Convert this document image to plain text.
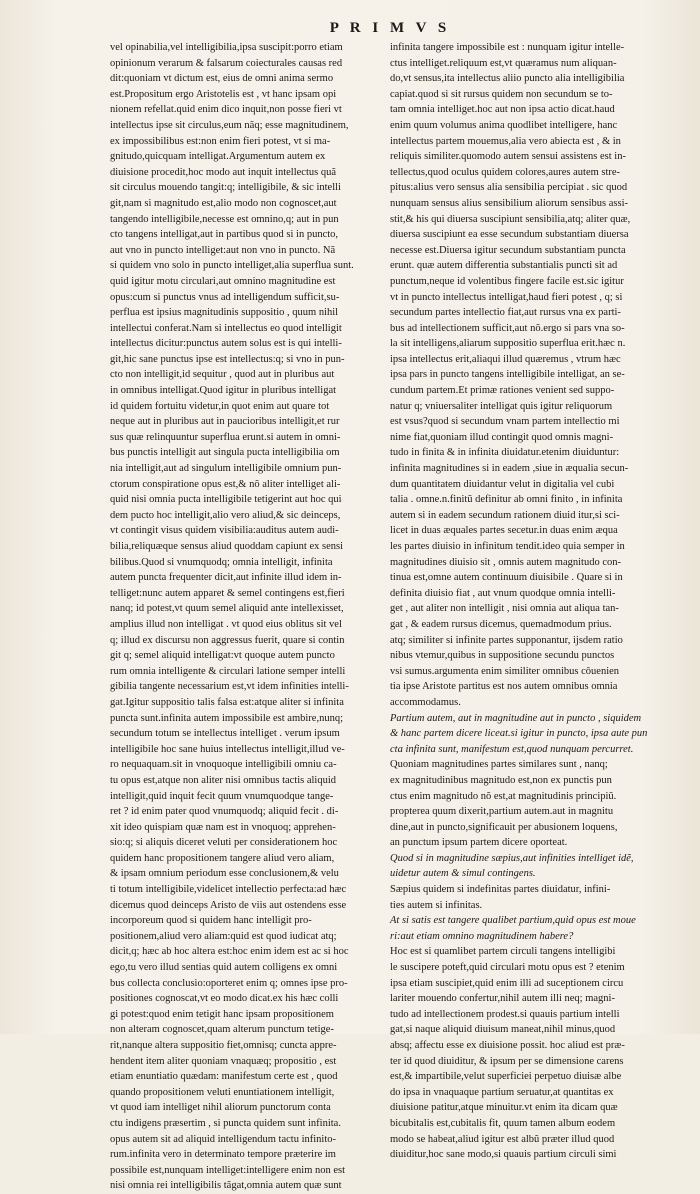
P R I M V S
vel opinabilia,vel intelligibilia,ipsa suscipit:porro etiam
opinionum verarum & falsarum coiecturales causas red
dit:quoniam vt dictum est, eius de omni anima sermo
est.Propositum ergo Aristotelis est , vt hanc ipsam opi
nionem refellat.quid enim dico inquit,non posse fieri vt
intellectus ipse sit circulus,eum nãq; esse magnitudinem,
ex impossibilibus est:non enim fieri potest, vt si ma-
gnitudo,quicquam intelligat.Argumentum autem ex
diuisione procedit,hoc modo aut inquit intellectus quã
sit circulus mouendo tangit:q; intelligibile, & sic intelli
git,nam si magnitudo est,alio modo non cognoscet,aut
tangendo intelligibile,necesse est omnino,q; aut in pun
cto tangens intelligat,aut in partibus quod si in puncto,
aut vno in puncto intelliget:aut non vno in puncto. Nã
si quidem vno solo in puncto intelliget,alia superflua sunt.
quid igitur motu circulari,aut omnino magnitudine est
opus:cum si punctus vnus ad intelligendum sufficit,su-
perflua est ipsius magnitudinis suppositio , quum nihil
intellectui conferat.Nam si intellectus eo quod intelligit
intellectus dicitur:punctus autem solus est is qui intelli-
git,hic sane punctus ipse est intellectus:q; si vno in pun-
cto non intelligit,id sequitur , quod aut in pluribus aut
in omnibus intelligat.Quod igitur in pluribus intelligat
id quidem fortuitu videtur,in quot enim aut quare tot
neque aut in pluribus aut in paucioribus intelligit,et rur
sus quæ relinquuntur superflua erunt.si autem in omni-
bus punctis intelligit aut singula pucta intelligibilia om
nia intelligit,aut ad singulum intelligibile omnium pun-
ctorum conspiratione opus est,& nõ aliter intelliget ali-
quid nisi omnia pucta intelligibile tetigerint aut hoc qui
dem pucto hoc intelligit,alio vero aliud,& sic deinceps,
vt contingit visus quidem visibilia:auditus autem audi-
bilia,reliquæque sensus aliud quoddam capiunt ex sensi
bilibus.Quod si vnumquodq; omnia intelligit, infinita
autem puncta frequenter dicit,aut infinite illud idem in-
telliget:nunc autem apparet & semel contingens est,fieri
nanq; id potest,vt quum semel aliquid ante intellexisset,
amplius illud non intelligat . vt quod eius oblitus sit vel
q; illud ex discursu non aggressus fuerit, quare si contin
git q; semel aliquid intelligat:vt quoque autem puncto
rum omnia intelligente & circulari latione semper intelli
gibilia tangente necessarium est,vt idem infinities intelli-
gat.Igitur suppositio talis falsa est:atque aliter si infinita
puncta sunt.infinita autem impossibile est ambire,nunq;
secundum totum se intellectus intelliget . verum ipsum
intelligibile hoc sane huius intellectus intelligit,illud ve-
ro nequaquam.sit in vnoquoque intelligibili omniu ca-
tu opus est,atque non aliter nisi omnibus tactis aliquid
intelligit,quid inquit fecit quum vnumquodque tange-
ret ? id enim pater quod vnumquodq; aliquid fecit . di-
xit ideo quispiam quæ nam est in vnoquoq; apprehen-
sio:q; si aliquis diceret veluti per considerationem hoc
quidem hanc propositionem tangere aliud vero aliam,
& ipsam omnium periodum esse conclusionem,& velu
ti totum intelligibile,videlicet intellectio perfecta:ad hæc
dicemus quod deinceps Aristo de viis aut ostendens esse
incorporeum quod si quidem hanc intelligit pro-
positionem,aliud vero aliam:quid est quod iudicat atq;
dicit,q; hæc ab hoc altera est:hoc enim idem est ac si hoc
ego,tu vero illud sentias quid autem colligens ex omni
bus collecta conclusio:oporteret enim q; omnes ipse pro-
positiones cognoscat,vt eo modo dicat.ex his hæc colli
gi potest:quod enim tetigit hanc ipsam propositionem
non alteram cognoscet,quam alterum punctum tetige-
rit,nanque altera suppositio fiet,omnisq; cuncta appre-
hendent item aliter quoniam vnaquæq; propositio , est
etiam enuntiatio quædam: manifestum certe est , quod
quando propositionem veluti enuntiationem intelligit,
vt quod iam intelliget nihil aliorum punctorum conta
ctu indigens præsertim , si puncta quidem sunt infinita.
opus autem sit ad aliquid intelligendum tactu infinito-
rum.infinita vero in determinato tempore præterire im
possibile est,nunquam intelliget:intelligere enim non est
nisi omnia rei intelligibilis tãgat,omnia autem quæ sunt
infinita tangere impossibile est : nunquam igitur intelle-
ctus intelliget.reliquum est,vt quæramus num aliquan-
do,vt sensus,ita intellectus aliio puncto alia intelligibilia
capiat.quod si sit rursus quidem non secundum se to-
tam omnia intelliget.hoc aut non ipsa actio dicat.haud
enim quum volumus anima quodlibet intelligere, hanc
intellectus partem mouemus,alia vero abiecta est , & in
reliquis similiter.quomodo autem sensui assistens est in-
tellectus,quod oculus quidem colores,aures autem stre-
pitus:alius vero sensus alia sensibilia percipiat . sic quod
nunquam sensus alius sensibilium aliorum sensibus assi-
stit,& his qui diuersa suscipiunt sensibilia,atq; aliter quæ,
diuersa suscipiunt ea esse secundum substantiam diuersa
necesse est.Diuersa igitur secundum substantiam puncta
erunt. quæ autem differentia substantialis puncti sit ad
punctum,neque id volentibus fingere facile est.sic igitur
vt in puncto intellectus intelligat,haud fieri potest , q; si
secundum partes intellectio fiat,aut rursus vna ex parti-
bus ad intellectionem sufficit,aut nõ.ergo si pars vna so-
la sit intelligens,aliarum suppositio superflua erit.hæc n.
ipsa intellectus erit,aliaqui illud quæremus , vtrum hæc
ipsa pars in puncto tangens intelligibile intelligat, an se-
cundum partem.Et primæ rationes venient sed suppo-
natur q; vniuersaliter intelligat quis igitur reliquorum
est vsus?quod si secundum vnam partem intellectio mi
nime fiat,quoniam illud contingit quod omnis magni-
tudo in finita & in infinita diuidatur.etenim diuiduntur:
infinita magnitudines si in eadem ,siue in æqualia secun-
dum quantitatem diuidantur velut in digitalia vel cubi
talia . omne.n.finitũ definitur ab omni finito , in infinita
autem si in eadem secundum rationem diuid itur,si sci-
licet in duas æquales partes secetur.in duas enim æqua
les partes diuisio in infinitum tendit.ideo quia semper in
magnitudines diuisio sit , omnis autem magnitudo con-
tinua est,omne autem continuum diuisibile . Quare si in
definita diuisio fiat , aut vnum quodque omnia intelli-
get , aut aliter non intelligit , nisi omnia aut aliqua tan-
gat , & eadem rursus dicemus, quemadmodum prius.
atq; similiter si infinite partes supponantur, ijsdem ratio
nibus vtemur,quibus in suppositione secundu punctos
vsi sumus.argumenta enim similiter omnibus côuenien
tia ipse Aristote partitus est nos autem omnibus omnia
accommodamus.
Partium autem, aut in magnitudine aut in puncto , siquidem
& hanc partem dicere liceat.si igitur in puncto, ipsa aute pun
cta infinita sunt, manifestum est,quod nunquam percurret.
Quoniam magnitudines partes similares sunt , nanq;
ex magnitudinibus magnitudo est,non ex punctis pun
ctus enim magnitudo nõ est,at magnitudinis principiũ.
propterea quum dixerit,partium autem.aut in magnitu
dine,aut in puncto,significauit per abusionem loquens,
an punctum ipsum partem dicere oporteat.
Quod si in magnitudine sæpius,aut infinities intelliget idẽ,
uidetur autem & simul contingens.
Sæpius quidem si indefinitas partes diuidatur, infini-
ties autem si infinitas.
At si satis est tangere qualibet partium,quid opus est moue
ri:aut etiam omnino magnitudinem habere?
Hoc est si quamlibet partem circuli tangens intelligibi
le suscipere poteft,quid circulari motu opus est ? etenim
ipsa etiam suscipiet,quid enim illi ad suceptionem circu
lariter mouendo confertur,nihil autem illi neq; magni-
tudo ad intellectionem prodest.si quauis partium intelli
gat,si naque aliquid diuisum maneat,nihil minus,quod
absq; affectu esse ex diuisione possit. hoc aliud est præ-
ter id quod diuiditur, & ipsum per se dimensione carens
est,& impartibile,velut superficiei perpetuo diuisæ albe
do ipsa in vnaquaque partium seruatur,at quantitas ex
diuisione patitur,atque minuitur.vt enim ita dicam quæ
bicubitalis est,cubitalis fit, quum tamen album eodem
modo se habeat,aliud igitur est albũ præter illud quod
diuiditur,hoc sane modo,si quauis partium circuli simi
